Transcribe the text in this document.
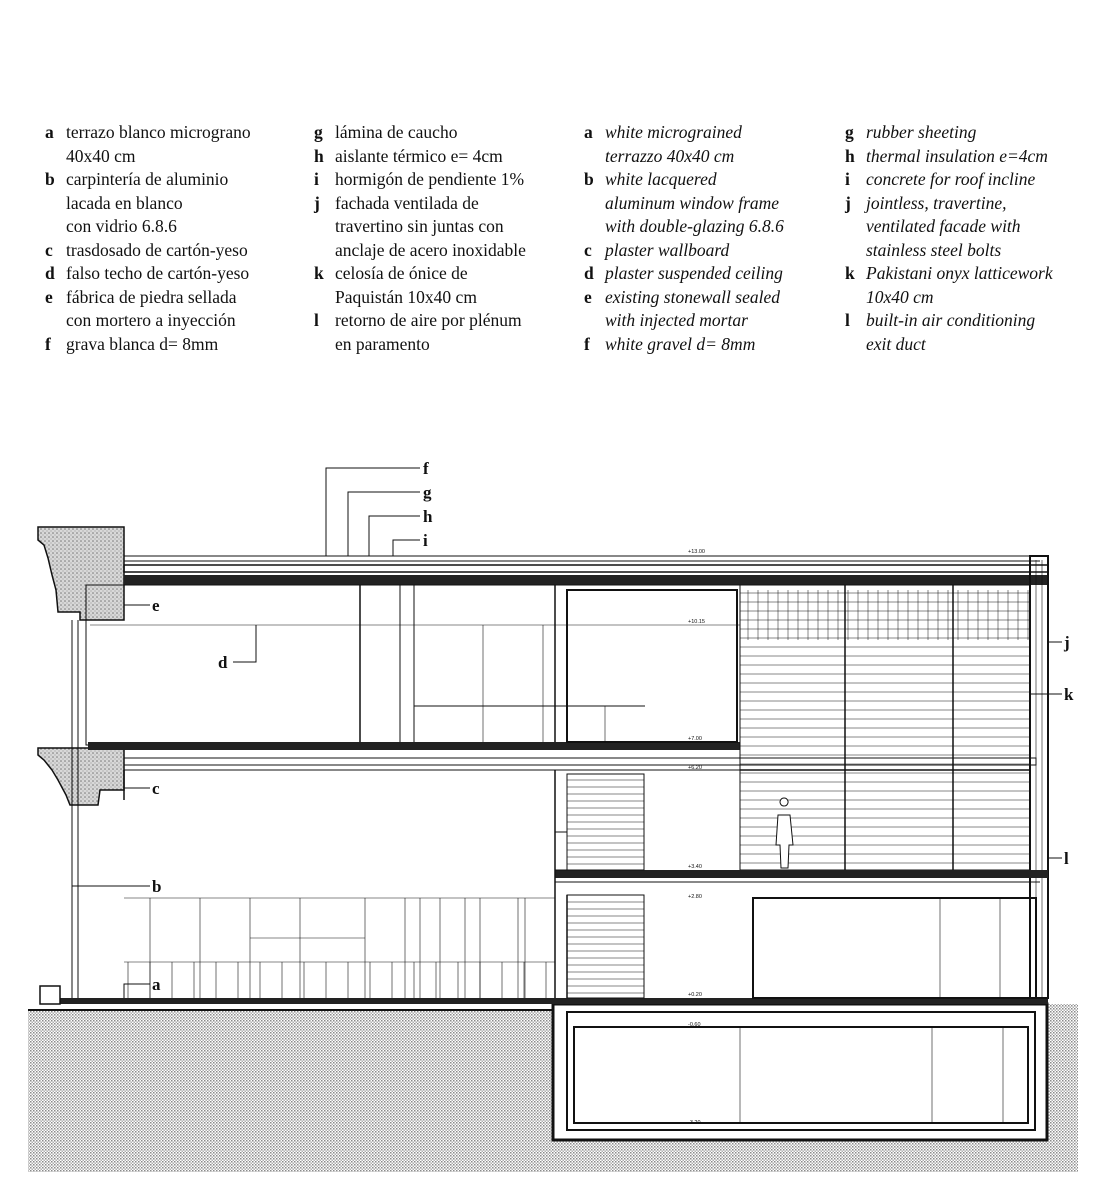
a terrazo blanco micrograno
40x40 cm
b carpintería de aluminio
lacada en blanco
con vidrio 6.8.6
c trasdosado de cartón-yeso
d falso techo de cartón-yeso
e fábrica de piedra sellada
con mortero a inyección
f grava blanca d= 8mm
g lámina de caucho
h aislante térmico e= 4cm
i hormigón de pendiente 1%
j fachada ventilada de
travertino sin juntas con
anclaje de acero inoxidable
k celosía de ónice de
Paquistán 10x40 cm
l retorno de aire por plénum
en paramento
a white micrograined
terrazzo 40x40 cm
b white lacquered
aluminum window frame
with double-glazing 6.8.6
c plaster wallboard
d plaster suspended ceiling
e existing stonewall sealed
with injected mortar
f white gravel d= 8mm
g rubber sheeting
h thermal insulation e=4cm
i concrete for roof incline
j jointless, travertine,
ventilated facade with
stainless steel bolts
k Pakistani onyx latticework
10x40 cm
l built-in air conditioning
exit duct
f
g
h
i
e
d
c
b
a
j
k
l
+13.00
+10.15
+7.00
+6.20
+3.40
+2.80
+0.20
-0.60
-3.20
